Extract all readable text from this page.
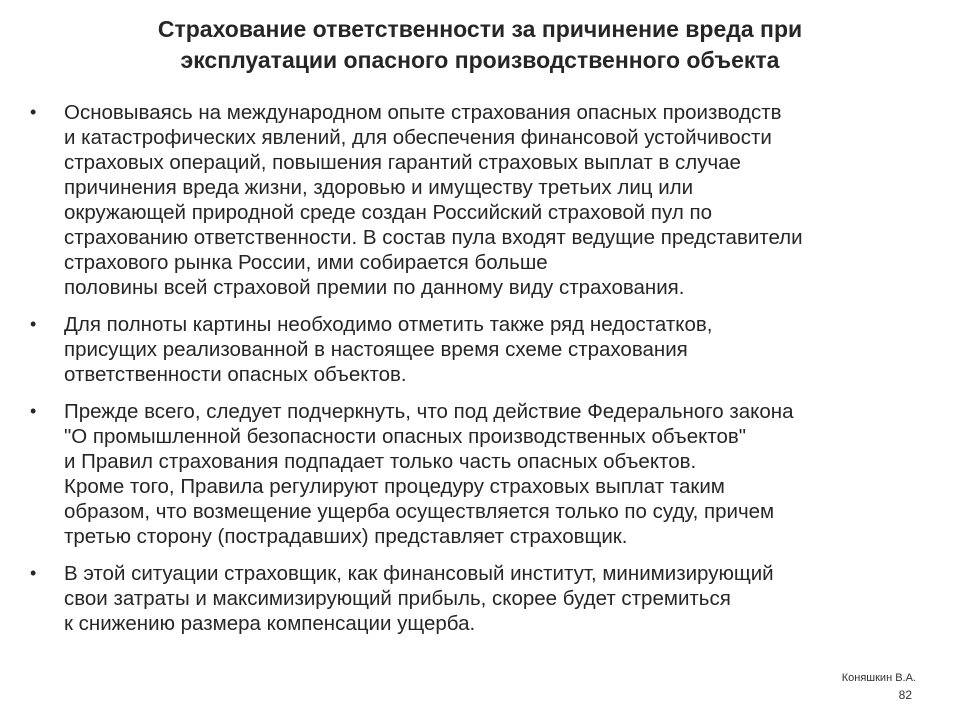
Страхование ответственности за причинение вреда при
эксплуатации опасного производственного объекта
• Основываясь на международном опыте страхования опасных производств
и катастрофических явлений, для обеспечения финансовой устойчивости
страховых операций, повышения гарантий страховых выплат в случае
причинения вреда жизни, здоровью и имуществу третьих лиц или
окружающей природной среде создан Российский страховой пул по
страхованию ответственности. В состав пула входят ведущие представители
страхового рынка России, ими собирается больше
половины всей страховой премии по данному виду страхования.
• Для полноты картины необходимо отметить также ряд недостатков,
присущих реализованной в настоящее время схеме страхования
ответственности опасных объектов.
• Прежде всего, следует подчеркнуть, что под действие Федерального закона
"О промышленной безопасности опасных производственных объектов"
и Правил страхования подпадает только часть опасных объектов.
Кроме того, Правила регулируют процедуру страховых выплат таким
образом, что возмещение ущерба осуществляется только по суду, причем
третью сторону (пострадавших) представляет страховщик.
• В этой ситуации страховщик, как финансовый институт, минимизирующий
свои затраты и максимизирующий прибыль, скорее будет стремиться
к снижению размера компенсации ущерба.
Коняшкин В.А.
82
